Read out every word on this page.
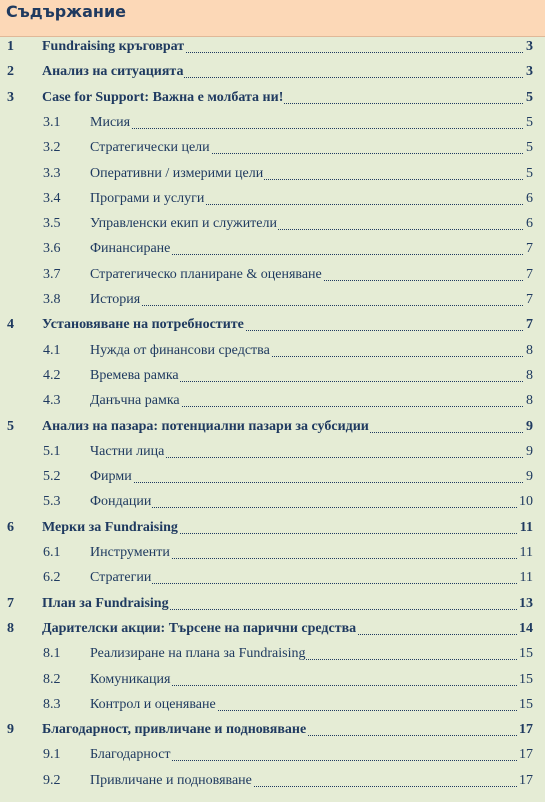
Съдържание
1 Fundraising кръговрат	3
2 Анализ на ситуацията	3
3 Case for Support: Важна е молбата ни!	5
3.1 Мисия	5
3.2 Стратегически цели	5
3.3 Оперативни / измерими цели	5
3.4 Програми и услуги	6
3.5 Управленски екип и служители	6
3.6 Финансиране	7
3.7 Стратегическо планиране & оценяване	7
3.8 История	7
4 Установяване на потребностите	7
4.1 Нужда от финансови средства	8
4.2 Времева рамка	8
4.3 Данъчна рамка	8
5 Анализ на пазара: потенциални пазари за субсидии	9
5.1 Частни лица	9
5.2 Фирми	9
5.3 Фондации	10
6 Мерки за Fundraising	11
6.1 Инструменти	11
6.2 Стратегии	11
7 План за Fundraising	13
8 Дарителски акции: Търсене на парични средства	14
8.1 Реализиране на плана за Fundraising	15
8.2 Комуникация	15
8.3 Контрол и оценяване	15
9 Благодарност, привличане и подновяване	17
9.1 Благодарност	17
9.2 Привличане и подновяване	17
